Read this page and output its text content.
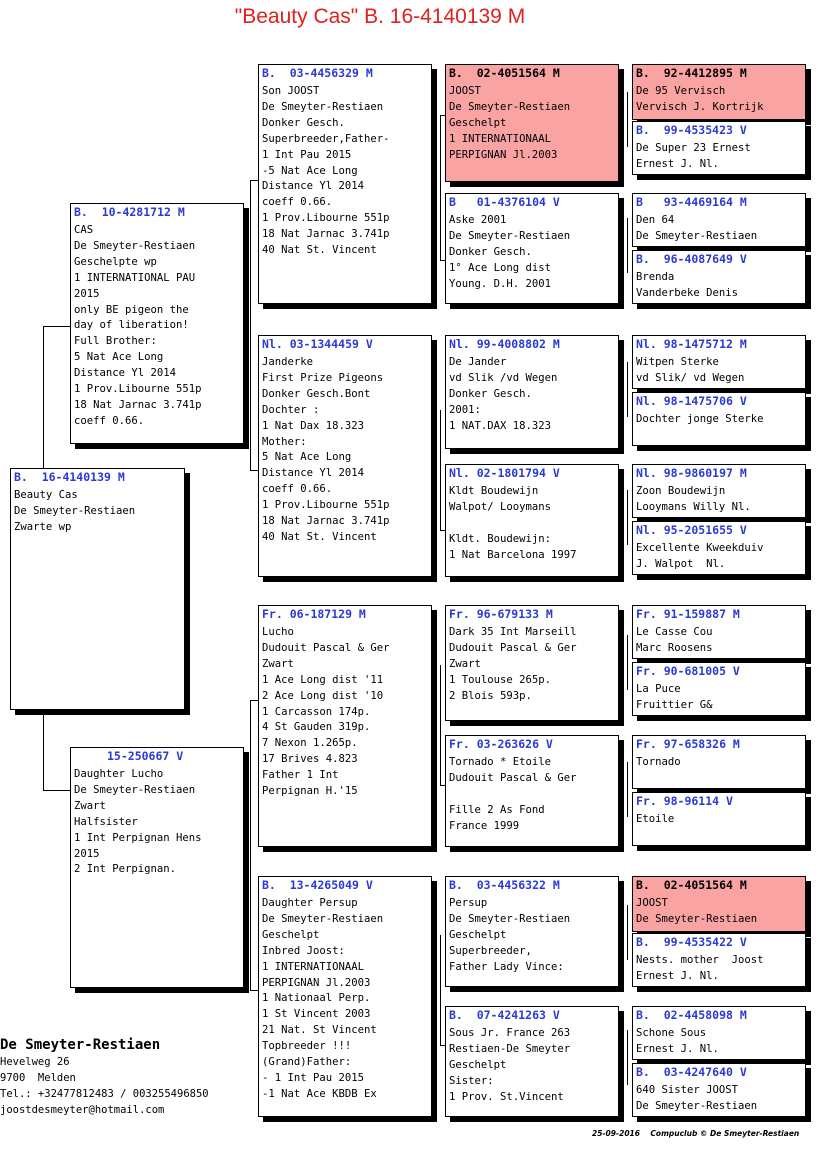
"Beauty Cas" B. 16-4140139 M
B.  16-4140139 M
Beauty Cas
De Smeyter-Restiaen
Zwarte wp
B.  10-4281712 M
CAS
De Smeyter-Restiaen
Geschelpte wp
1 INTERNATIONAL PAU
2015
only BE pigeon the
day of liberation!
Full Brother:
5 Nat Ace Long
Distance Yl 2014
1 Prov.Libourne 551p
18 Nat Jarnac 3.741p
coeff 0.66.
15-250667 V
Daughter Lucho
De Smeyter-Restiaen
Zwart
Halfsister
1 Int Perpignan Hens
2015
2 Int Perpignan.
B.  03-4456329 M
Son JOOST
De Smeyter-Restiaen
Donker Gesch.
Superbreeder,Father-
1 Int Pau 2015
-5 Nat Ace Long
Distance Yl 2014
coeff 0.66.
1 Prov.Libourne 551p
18 Nat Jarnac 3.741p
40 Nat St. Vincent
Nl. 03-1344459 V
Janderke
First Prize Pigeons
Donker Gesch.Bont
Dochter :
1 Nat Dax 18.323
Mother:
5 Nat Ace Long
Distance Yl 2014
coeff 0.66.
1 Prov.Libourne 551p
18 Nat Jarnac 3.741p
40 Nat St. Vincent
Fr. 06-187129 M
Lucho
Dudouit Pascal & Ger
Zwart
1 Ace Long dist '11
2 Ace Long dist '10
1 Carcasson 174p.
4 St Gauden 319p.
7 Nexon 1.265p.
17 Brives 4.823
Father 1 Int
Perpignan H.'15
B.  13-4265049 V
Daughter Persup
De Smeyter-Restiaen
Geschelpt
Inbred Joost:
1 INTERNATIONAAL
PERPIGNAN Jl.2003
1 Nationaal Perp.
1 St Vincent 2003
21 Nat. St Vincent
Topbreeder !!!
(Grand)Father:
- 1 Int Pau 2015
-1 Nat Ace KBDB Ex
B.  02-4051564 M
JOOST
De Smeyter-Restiaen
Geschelpt
1 INTERNATIONAAL
PERPIGNAN Jl.2003
B   01-4376104 V
Aske 2001
De Smeyter-Restiaen
Donker Gesch.
1° Ace Long dist
Young. D.H. 2001
Nl. 99-4008802 M
De Jander
vd Slik /vd Wegen
Donker Gesch.
2001:
1 NAT.DAX 18.323
Nl. 02-1801794 V
Kldt Boudewijn
Walpot/ Looymans

Kldt. Boudewijn:
1 Nat Barcelona 1997
Fr. 96-679133 M
Dark 35 Int Marseill
Dudouit Pascal & Ger
Zwart
1 Toulouse 265p.
2 Blois 593p.
Fr. 03-263626 V
Tornado * Etoile
Dudouit Pascal & Ger

Fille 2 As Fond
France 1999
B.  03-4456322 M
Persup
De Smeyter-Restiaen
Geschelpt
Superbreeder,
Father Lady Vince:
B.  07-4241263 V
Sous Jr. France 263
Restiaen-De Smeyter
Geschelpt
Sister:
1 Prov. St.Vincent
B.  92-4412895 M
De 95 Vervisch
Vervisch J. Kortrijk
B.  99-4535423 V
De Super 23 Ernest
Ernest J. Nl.
B   93-4469164 M
Den 64
De Smeyter-Restiaen
B.  96-4087649 V
Brenda
Vanderbeke Denis
Nl. 98-1475712 M
Witpen Sterke
vd Slik/ vd Wegen
Nl. 98-1475706 V
Dochter jonge Sterke
Nl. 98-9860197 M
Zoon Boudewijn
Looymans Willy Nl.
Nl. 95-2051655 V
Excellente Kweekduiv
J. Walpot  Nl.
Fr. 91-159887 M
Le Casse Cou
Marc Roosens
Fr. 90-681005 V
La Puce
Fruittier G&
Fr. 97-658326 M
Tornado
Fr. 98-96114 V
Etoile
B.  02-4051564 M
JOOST
De Smeyter-Restiaen
B.  99-4535422 V
Nests. mother  Joost
Ernest J. Nl.
B.  02-4458098 M
Schone Sous
Ernest J. Nl.
B.  03-4247640 V
640 Sister JOOST
De Smeyter-Restiaen
De Smeyter-Restiaen
Hevelweg 26
9700  Melden
Tel.: +32477812483 / 003255496850
joostdesmeyter@hotmail.com
25-09-2016    Compuclub © De Smeyter-Restiaen
